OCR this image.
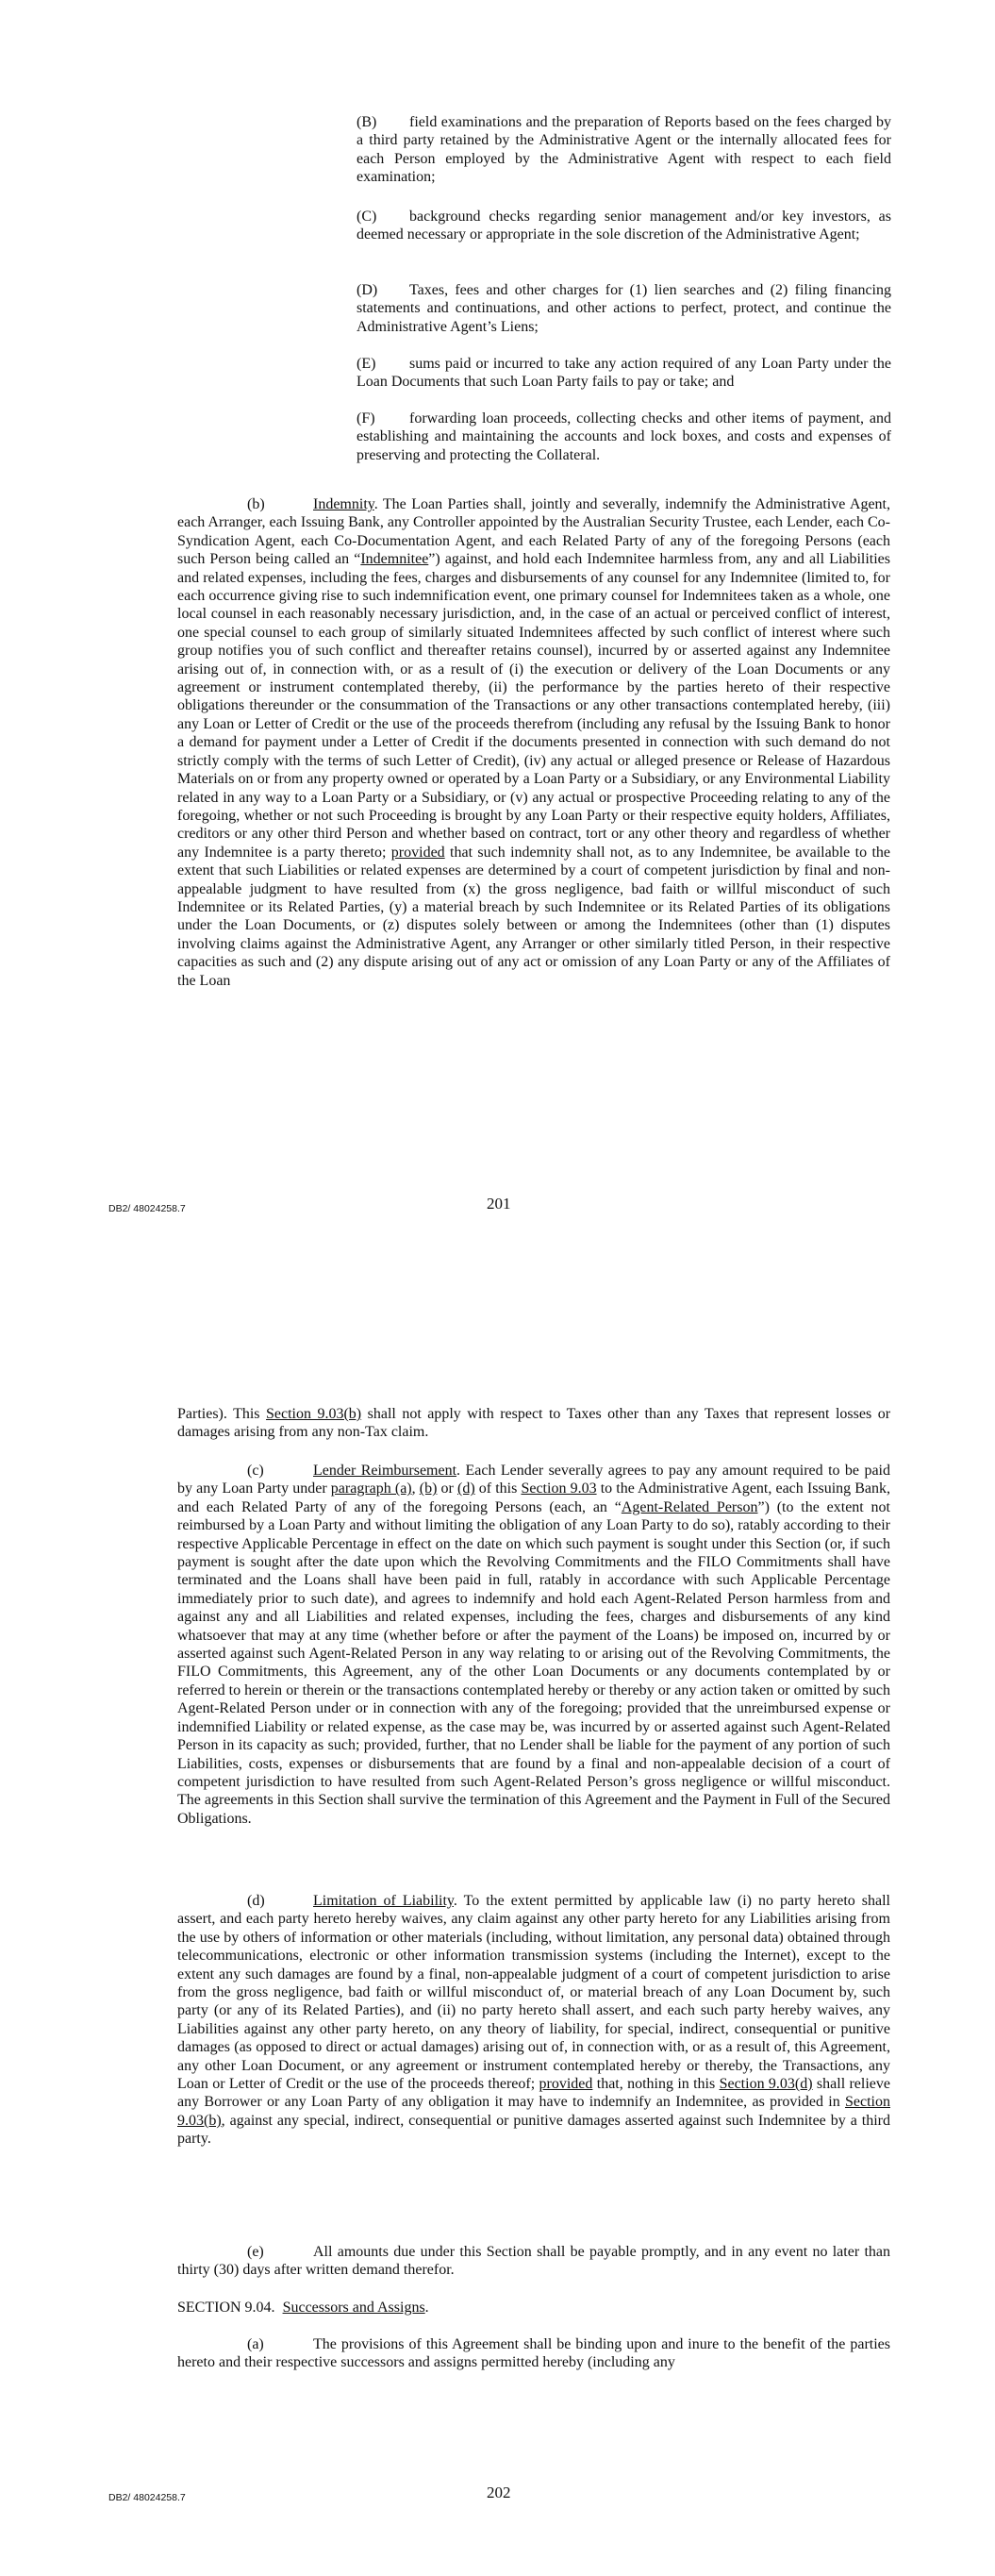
(B) field examinations and the preparation of Reports based on the fees charged by a third party retained by the Administrative Agent or the internally allocated fees for each Person employed by the Administrative Agent with respect to each field examination;

(C) background checks regarding senior management and/or key investors, as deemed necessary or appropriate in the sole discretion of the Administrative Agent;

(D) Taxes, fees and other charges for (1) lien searches and (2) filing financing statements and continuations, and other actions to perfect, protect, and continue the Administrative Agent’s Liens;

(E) sums paid or incurred to take any action required of any Loan Party under the Loan Documents that such Loan Party fails to pay or take; and

(F) forwarding loan proceeds, collecting checks and other items of payment, and establishing and maintaining the accounts and lock boxes, and costs and expenses of preserving and protecting the Collateral.

(b)	Indemnity. The Loan Parties shall, jointly and severally, indemnify the Administrative Agent, each Arranger, each Issuing Bank, any Controller appointed by the Australian Security Trustee, each Lender, each Co-Syndication Agent, each Co-Documentation Agent, and each Related Party of any of the foregoing Persons (each such Person being called an “Indemnitee”) against, and hold each Indemnitee harmless from, any and all Liabilities and related expenses, including the fees, charges and disbursements of any counsel for any Indemnitee (limited to, for each occurrence giving rise to such indemnification event, one primary counsel for Indemnitees taken as a whole, one local counsel in each reasonably necessary jurisdiction, and, in the case of an actual or perceived conflict of interest, one special counsel to each group of similarly situated Indemnitees affected by such conflict of interest where such group notifies you of such conflict and thereafter retains counsel), incurred by or asserted against any Indemnitee arising out of, in connection with, or as a result of (i) the execution or delivery of the Loan Documents or any agreement or instrument contemplated thereby, (ii) the performance by the parties hereto of their respective obligations thereunder or the consummation of the Transactions or any other transactions contemplated hereby, (iii) any Loan or Letter of Credit or the use of the proceeds therefrom (including any refusal by the Issuing Bank to honor a demand for payment under a Letter of Credit if the documents presented in connection with such demand do not strictly comply with the terms of such Letter of Credit), (iv) any actual or alleged presence or Release of Hazardous Materials on or from any property owned or operated by a Loan Party or a Subsidiary, or any Environmental Liability related in any way to a Loan Party or a Subsidiary, or (v) any actual or prospective Proceeding relating to any of the foregoing, whether or not such Proceeding is brought by any Loan Party or their respective equity holders, Affiliates, creditors or any other third Person and whether based on contract, tort or any other theory and regardless of whether any Indemnitee is a party thereto; provided that such indemnity shall not, as to any Indemnitee, be available to the extent that such Liabilities or related expenses are determined by a court of competent jurisdiction by final and non-appealable judgment to have resulted from (x) the gross negligence, bad faith or willful misconduct of such Indemnitee or its Related Parties, (y) a material breach by such Indemnitee or its Related Parties of its obligations under the Loan Documents, or (z) disputes solely between or among the Indemnitees (other than (1) disputes involving claims against the Administrative Agent, any Arranger or other similarly titled Person, in their respective capacities as such and (2) any dispute arising out of any act or omission of any Loan Party or any of the Affiliates of the Loan

201
DB2/ 48024258.7

Parties). This Section 9.03(b) shall not apply with respect to Taxes other than any Taxes that represent losses or damages arising from any non-Tax claim.

(c)	Lender Reimbursement. Each Lender severally agrees to pay any amount required to be paid by any Loan Party under paragraph (a), (b) or (d) of this Section 9.03 to the Administrative Agent, each Issuing Bank, and each Related Party of any of the foregoing Persons (each, an “Agent-Related Person”) (to the extent not reimbursed by a Loan Party and without limiting the obligation of any Loan Party to do so), ratably according to their respective Applicable Percentage in effect on the date on which such payment is sought under this Section (or, if such payment is sought after the date upon which the Revolving Commitments and the FILO Commitments shall have terminated and the Loans shall have been paid in full, ratably in accordance with such Applicable Percentage immediately prior to such date), and agrees to indemnify and hold each Agent-Related Person harmless from and against any and all Liabilities and related expenses, including the fees, charges and disbursements of any kind whatsoever that may at any time (whether before or after the payment of the Loans) be imposed on, incurred by or asserted against such Agent-Related Person in any way relating to or arising out of the Revolving Commitments, the FILO Commitments, this Agreement, any of the other Loan Documents or any documents contemplated by or referred to herein or therein or the transactions contemplated hereby or thereby or any action taken or omitted by such Agent-Related Person under or in connection with any of the foregoing; provided that the unreimbursed expense or indemnified Liability or related expense, as the case may be, was incurred by or asserted against such Agent-Related Person in its capacity as such; provided, further, that no Lender shall be liable for the payment of any portion of such Liabilities, costs, expenses or disbursements that are found by a final and non-appealable decision of a court of competent jurisdiction to have resulted from such Agent-Related Person’s gross negligence or willful misconduct. The agreements in this Section shall survive the termination of this Agreement and the Payment in Full of the Secured Obligations.

(d)	Limitation of Liability. To the extent permitted by applicable law (i) no party hereto shall assert, and each party hereto hereby waives, any claim against any other party hereto for any Liabilities arising from the use by others of information or other materials (including, without limitation, any personal data) obtained through telecommunications, electronic or other information transmission systems (including the Internet), except to the extent any such damages are found by a final, non-appealable judgment of a court of competent jurisdiction to arise from the gross negligence, bad faith or willful misconduct of, or material breach of any Loan Document by, such party (or any of its Related Parties), and (ii) no party hereto shall assert, and each such party hereby waives, any Liabilities against any other party hereto, on any theory of liability, for special, indirect, consequential or punitive damages (as opposed to direct or actual damages) arising out of, in connection with, or as a result of, this Agreement, any other Loan Document, or any agreement or instrument contemplated hereby or thereby, the Transactions, any Loan or Letter of Credit or the use of the proceeds thereof; provided that, nothing in this Section 9.03(d) shall relieve any Borrower or any Loan Party of any obligation it may have to indemnify an Indemnitee, as provided in Section 9.03(b), against any special, indirect, consequential or punitive damages asserted against such Indemnitee by a third party.

(e)	All amounts due under this Section shall be payable promptly, and in any event no later than thirty (30) days after written demand therefor.

SECTION 9.04. Successors and Assigns.

(a)	The provisions of this Agreement shall be binding upon and inure to the benefit of the parties hereto and their respective successors and assigns permitted hereby (including any

202
DB2/ 48024258.7
